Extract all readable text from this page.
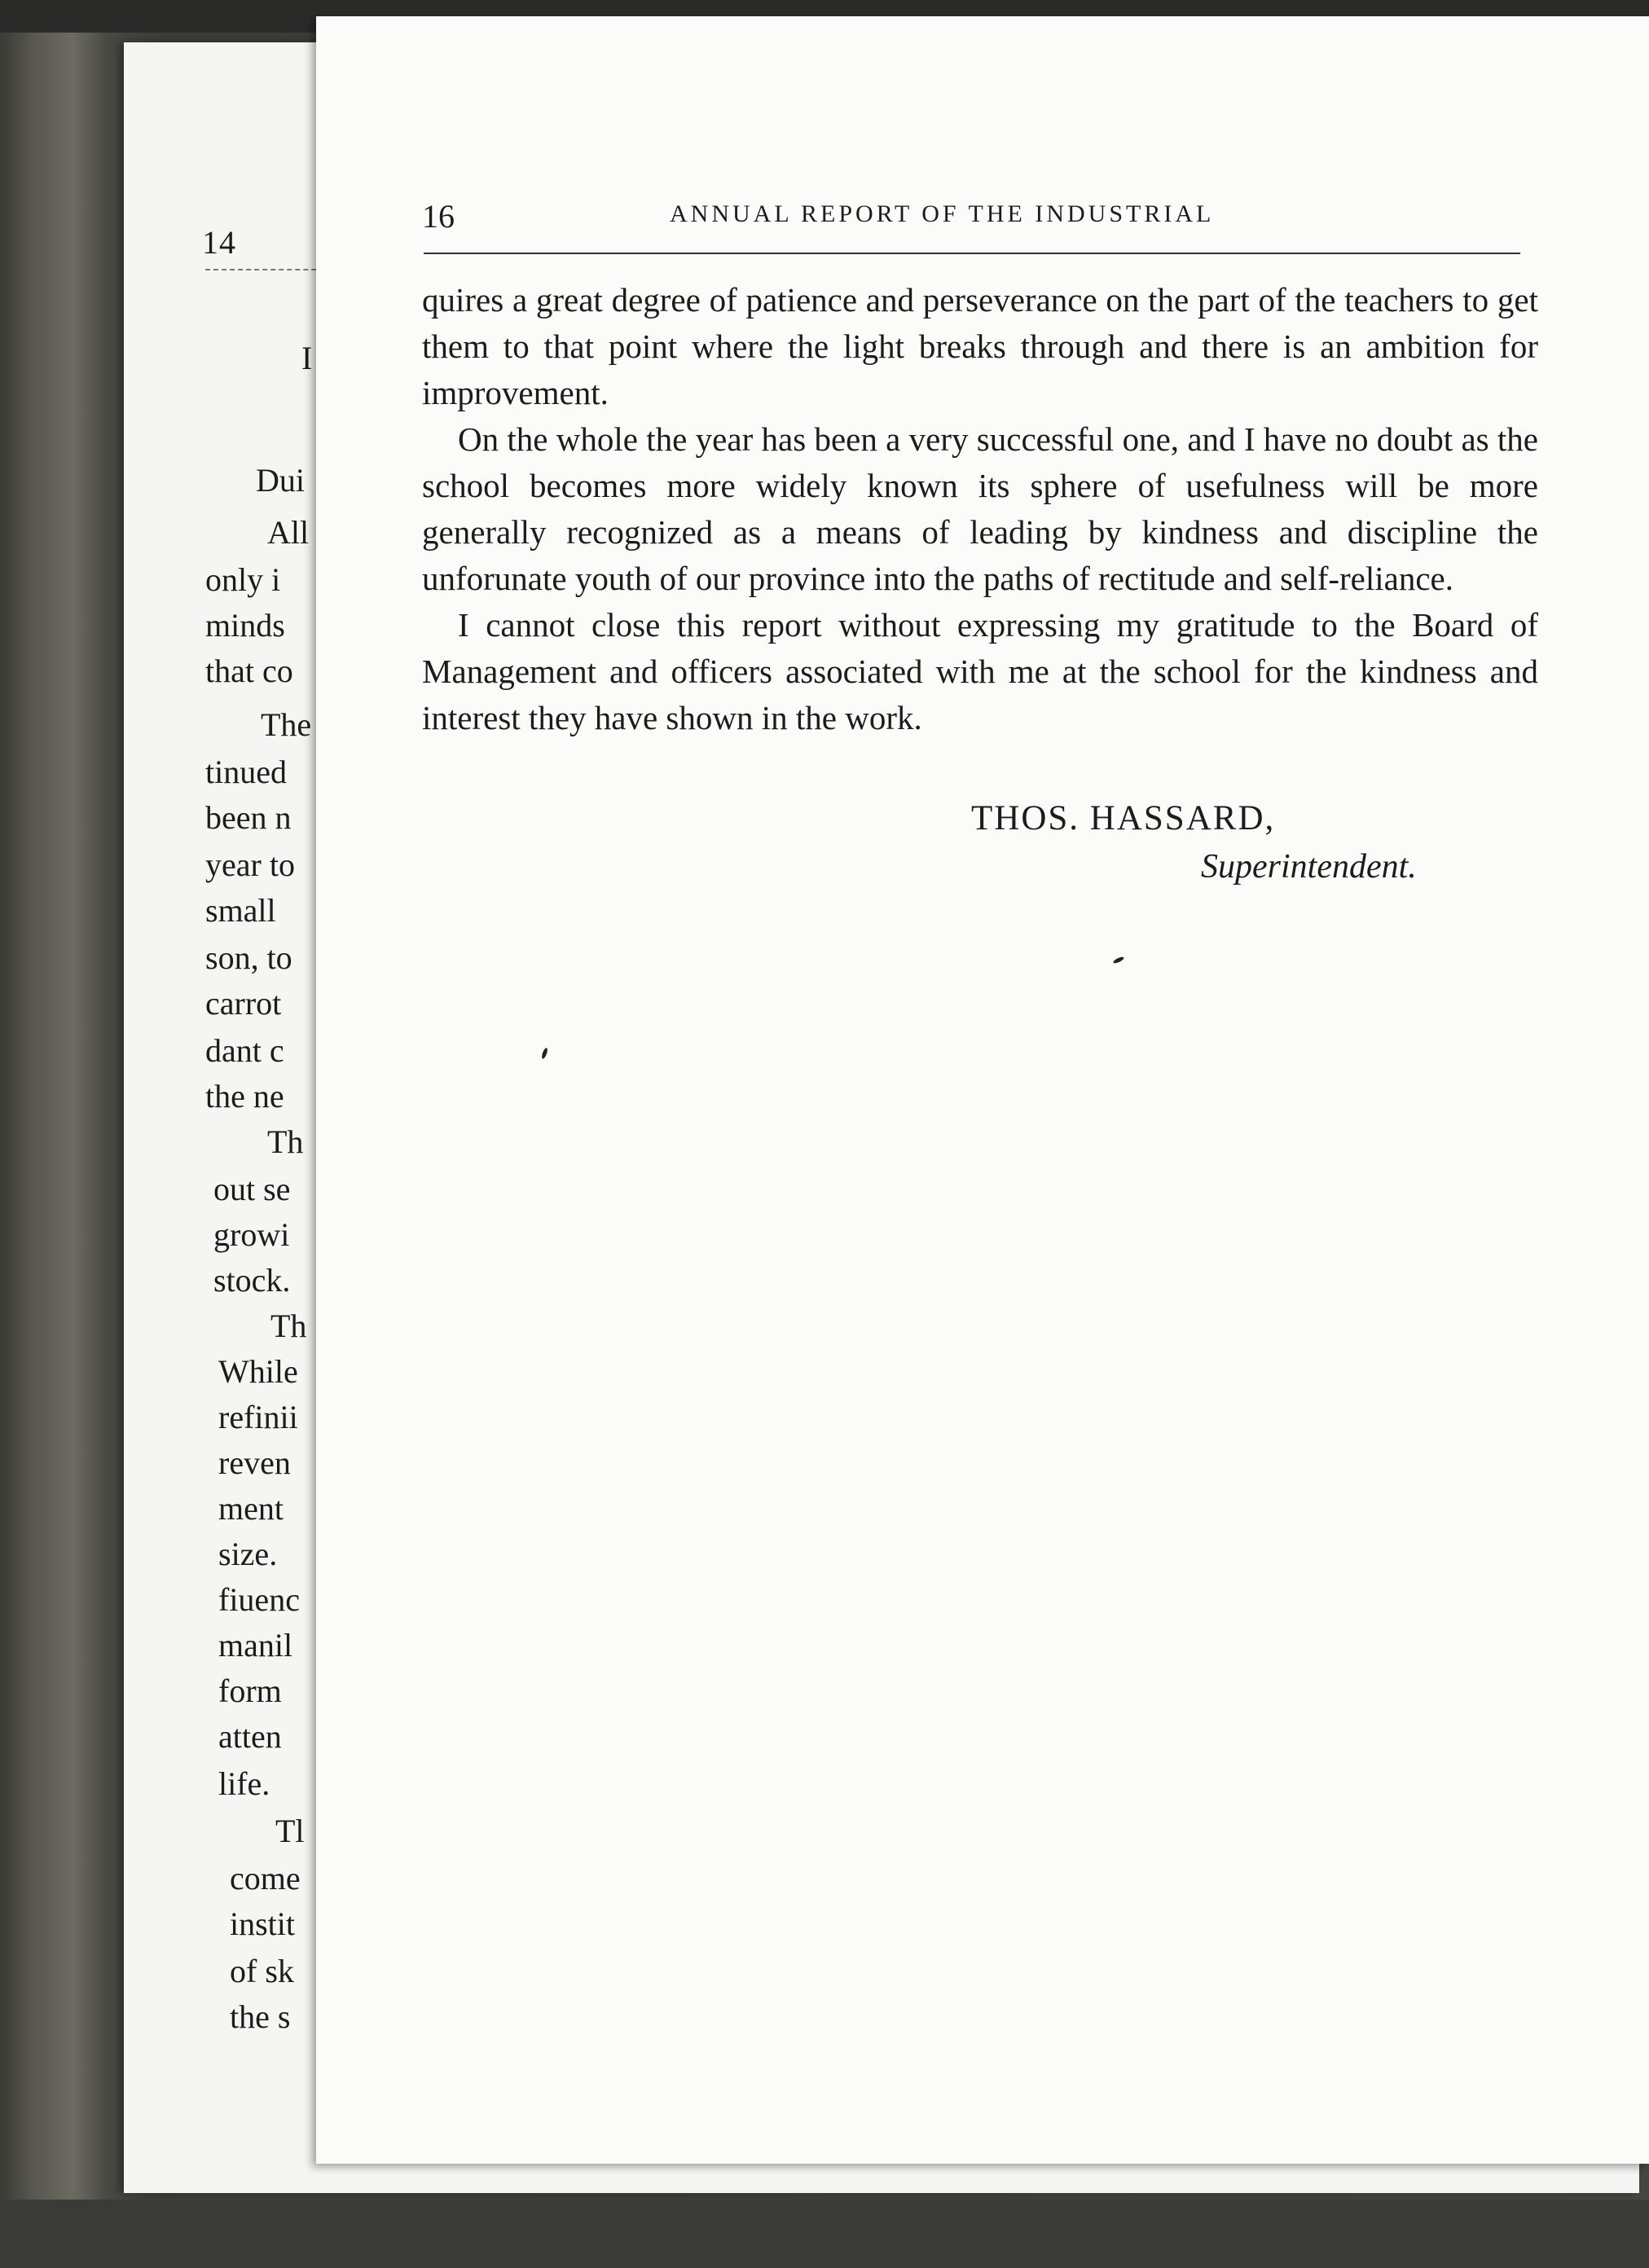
14
I
Dui
All
only i
minds
that co
The
tinued
been n
year to
small
son, to
carrot
dant c
the ne
Th
out se
growi
stock.
Th
While
refinii
reven
ment
size.
fiuenc
manil
form
atten
life.
Tl
come
instit
of sk
the s
16	ANNUAL REPORT OF THE INDUSTRIAL

quires a great degree of patience and perseverance on the part of the teachers to get them to that point where the light breaks through and there is an ambition for improvement.

On the whole the year has been a very successful one, and I have no doubt as the school becomes more widely known its sphere of usefulness will be more generally recognized as a means of leading by kindness and discipline the unforunate youth of our province into the paths of rectitude and self-reliance.

I cannot close this report without expressing my gratitude to the Board of Management and officers associated with me at the school for the kindness and interest they have shown in the work.

THOS. HASSARD,
Superintendent.
